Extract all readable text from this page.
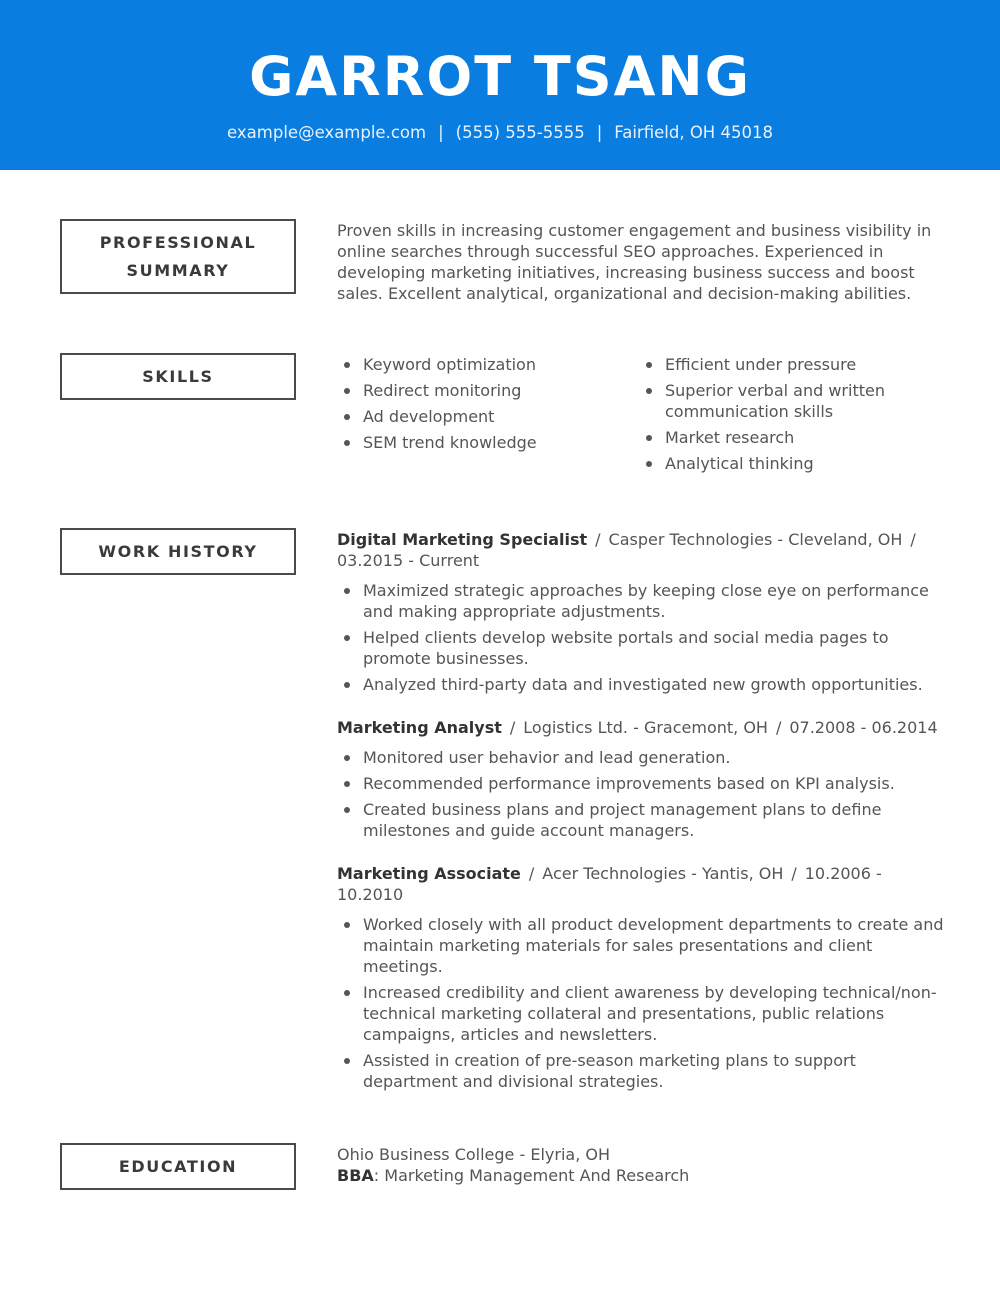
GARROT TSANG
example@example.com | (555) 555-5555 | Fairfield, OH 45018
PROFESSIONAL
SUMMARY
Proven skills in increasing customer engagement and business visibility in online searches through successful SEO approaches. Experienced in developing marketing initiatives, increasing business success and boost sales. Excellent analytical, organizational and decision-making abilities.
SKILLS
Keyword optimization
Redirect monitoring
Ad development
SEM trend knowledge
Efficient under pressure
Superior verbal and written communication skills
Market research
Analytical thinking
WORK HISTORY
Digital Marketing Specialist / Casper Technologies - Cleveland, OH /
03.2015 - Current
Maximized strategic approaches by keeping close eye on performance and making appropriate adjustments.
Helped clients develop website portals and social media pages to promote businesses.
Analyzed third-party data and investigated new growth opportunities.
Marketing Analyst / Logistics Ltd. - Gracemont, OH / 07.2008 - 06.2014
Monitored user behavior and lead generation.
Recommended performance improvements based on KPI analysis.
Created business plans and project management plans to define milestones and guide account managers.
Marketing Associate / Acer Technologies - Yantis, OH / 10.2006 - 10.2010
Worked closely with all product development departments to create and maintain marketing materials for sales presentations and client meetings.
Increased credibility and client awareness by developing technical/non-technical marketing collateral and presentations, public relations campaigns, articles and newsletters.
Assisted in creation of pre-season marketing plans to support department and divisional strategies.
EDUCATION
Ohio Business College - Elyria, OH
BBA: Marketing Management And Research
